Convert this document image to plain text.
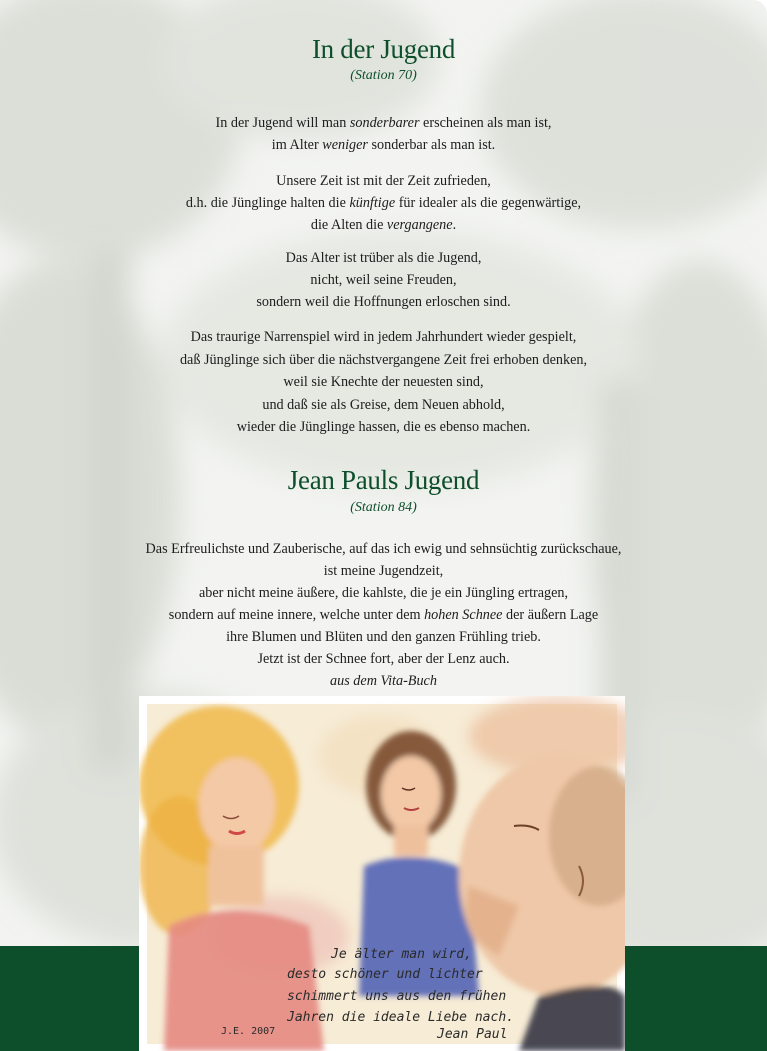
In der Jugend
(Station 70)
In der Jugend will man sonderbarer erscheinen als man ist,
im Alter weniger sonderbar als man ist.
Unsere Zeit ist mit der Zeit zufrieden,
d.h. die Jünglinge halten die künftige für idealer als die gegenwärtige,
die Alten die vergangene.
Das Alter ist trüber als die Jugend,
nicht, weil seine Freuden,
sondern weil die Hoffnungen erloschen sind.
Das traurige Narrenspiel wird in jedem Jahrhundert wieder gespielt,
daß Jünglinge sich über die nächstvergangene Zeit frei erhoben denken,
weil sie Knechte der neuesten sind,
und daß sie als Greise, dem Neuen abhold,
wieder die Jünglinge hassen, die es ebenso machen.
Jean Pauls Jugend
(Station 84)
Das Erfreulichste und Zauberische, auf das ich ewig und sehnsüchtig zurückschaue,
ist meine Jugendzeit,
aber nicht meine äußere, die kahlste, die je ein Jüngling ertragen,
sondern auf meine innere, welche unter dem hohen Schnee der äußern Lage
ihre Blumen und Blüten und den ganzen Frühling trieb.
Jetzt ist der Schnee fort, aber der Lenz auch.
aus dem Vita-Buch
Je älter man wird,
desto schöner und lichter
schimmert uns aus den frühen
Jahren die ideale Liebe nach.
Jean Paul
J.E. 2007
